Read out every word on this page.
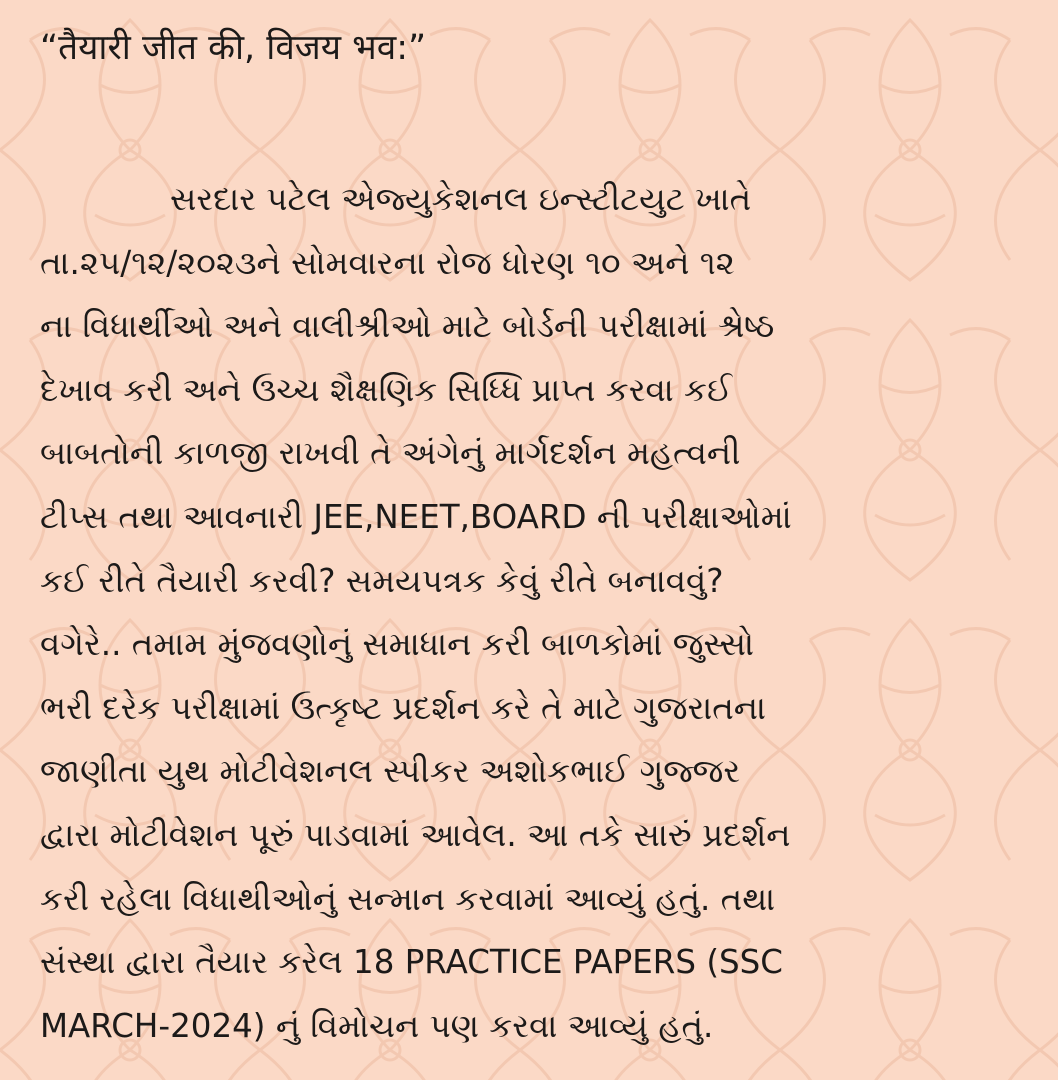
“तैयारी जीत की, विजय भव:”

સરદાર પટેલ એજ્યુકેશનલ ઇન્સ્ટીટયુટ ખાતે
તા.૨૫/૧૨/૨૦૨૩ને સોમવારના રોજ ધોરણ ૧૦ અને ૧૨
ના વિધાર્થીઓ અને વાલીશ્રીઓ માટે બોર્ડની પરીક્ષામાં શ્રેષ્ઠ
દેખાવ કરી અને ઉચ્ચ શૈક્ષણિક સિધ્ધિ પ્રાપ્ત કરવા કઈ
બાબતોની કાળજી રાખવી તે અંગેનું માર્ગદર્શન મહત્વની
ટીપ્સ તથા આવનારી JEE,NEET,BOARD ની પરીક્ષાઓમાં
કઈ રીતે તૈયારી કરવી? સમયપત્રક કેવું રીતે બનાવવું?
વગેરે.. તમામ મુંજવણોનું સમાધાન કરી બાળકોમાં જુસ્સો
ભરી દરેક પરીક્ષામાં ઉત્કૃષ્ટ પ્રદર્શન કરે તે માટે ગુજરાતના
જાણીતા યુથ મોટીવેશનલ સ્પીકર અશોકભાઈ ગુજ્જર
દ્વારા મોટીવેશન પૂરું પાડવામાં આવેલ. આ તકે સારું પ્રદર્શન
કરી રહેલા વિધાથીઓનું સન્માન કરવામાં આવ્યું હતું. તથા
સંસ્થા દ્વારા તૈયાર કરેલ 18 PRACTICE PAPERS (SSC
MARCH-2024) નું વિમોચન પણ કરવા આવ્યું હતું.
